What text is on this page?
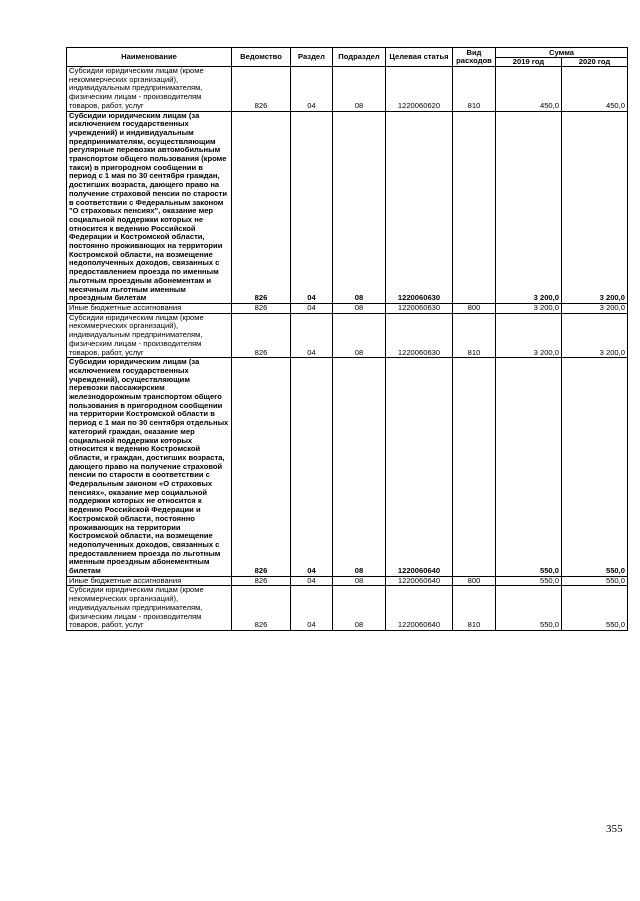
Наименование	Ведомство	Раздел	Подраздел	Целевая статья	Вид расходов	Сумма	
						2019 год	2020 год
Субсидии юридическим лицам (кроме некоммерческих организаций), индивидуальным предпринимателям, физическим лицам - производителям товаров, работ, услуг	826	04	08	1220060620	810	450,0	450,0
Субсидии юридическим лицам (за исключением государственных учреждений) и индивидуальным предпринимателям, осуществляющим регулярные перевозки автомобильным транспортом общего пользования (кроме такси) в пригородном сообщении в период с 1 мая по 30 сентября граждан, достигших возраста, дающего право на получение страховой пенсии по старости в соответствии с Федеральным законом "О страховых пенсиях", оказание мер социальной поддержки которых не относится к ведению Российской Федерации и Костромской области, постоянно проживающих на территории Костромской области, на возмещение недополученных доходов, связанных с предоставлением проезда по именным льготным проездным абонементам и месячным льготным именным проездным билетам	826	04	08	1220060630		3 200,0	3 200,0
Иные бюджетные ассигнования	826	04	08	1220060630	800	3 200,0	3 200,0
Субсидии юридическим лицам (кроме некоммерческих организаций), индивидуальным предпринимателям, физическим лицам - производителям товаров, работ, услуг	826	04	08	1220060630	810	3 200,0	3 200,0
Субсидии юридическим лицам (за исключением государственных учреждений), осуществляющим перевозки пассажирским железнодорожным транспортом общего пользования в пригородном сообщении на территории Костромской области в период с 1 мая по 30 сентября отдельных категорий граждан, оказание мер социальной поддержки которых относится к ведению Костромской области, и граждан, достигших возраста, дающего право на получение страховой пенсии по старости в соответствии с Федеральным законом «О страховых пенсиях», оказание мер социальной поддержки которых не относится к ведению Российской Федерации и Костромской области, постоянно проживающих на территории Костромской области, на возмещение недополученных доходов, связанных с предоставлением проезда по льготным именным проездным абонементным билетам	826	04	08	1220060640		550,0	550,0
Иные бюджетные ассигнования	826	04	08	1220060640	800	550,0	550,0
Субсидии юридическим лицам (кроме некоммерческих организаций), индивидуальным предпринимателям, физическим лицам - производителям товаров, работ, услуг	826	04	08	1220060640	810	550,0	550,0
355
